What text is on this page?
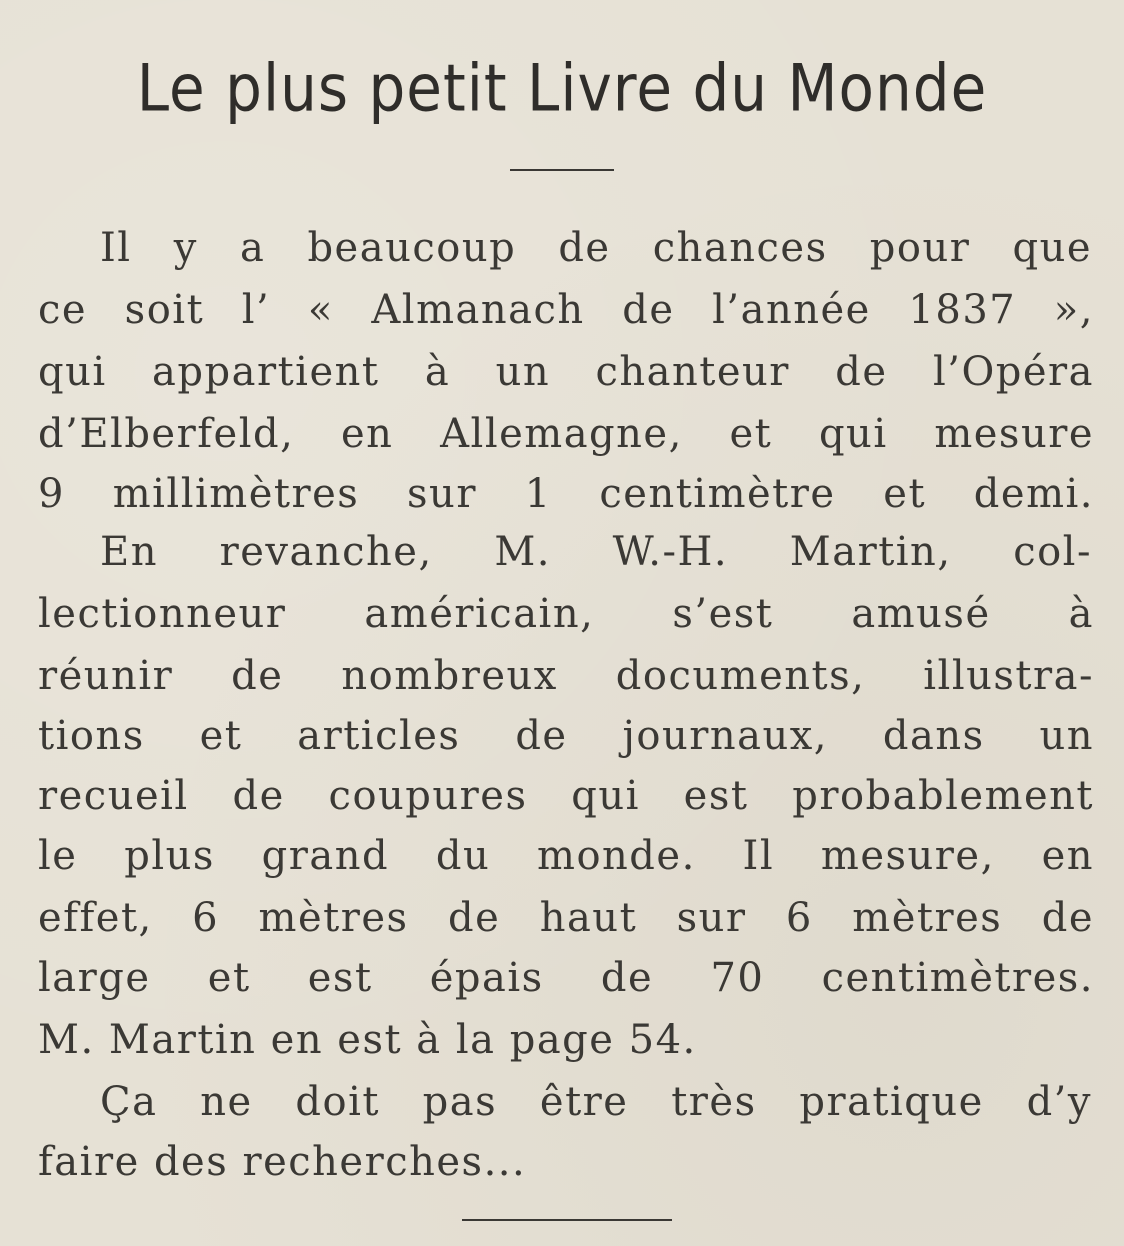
Le plus petit Livre du Monde
Il y a beaucoup de chances pour que
ce soit l’ « Almanach de l’année 1837 »,
qui appartient à un chanteur de l’Opéra
d’Elberfeld, en Allemagne, et qui mesure
9 millimètres sur 1 centimètre et demi.
En revanche, M. W.-H. Martin, col-
lectionneur américain, s’est amusé à
réunir de nombreux documents, illustra-
tions et articles de journaux, dans un
recueil de coupures qui est probablement
le plus grand du monde. Il mesure, en
effet, 6 mètres de haut sur 6 mètres de
large et est épais de 70 centimètres.
M. Martin en est à la page 54.
Ça ne doit pas être très pratique d’y
faire des recherches...
